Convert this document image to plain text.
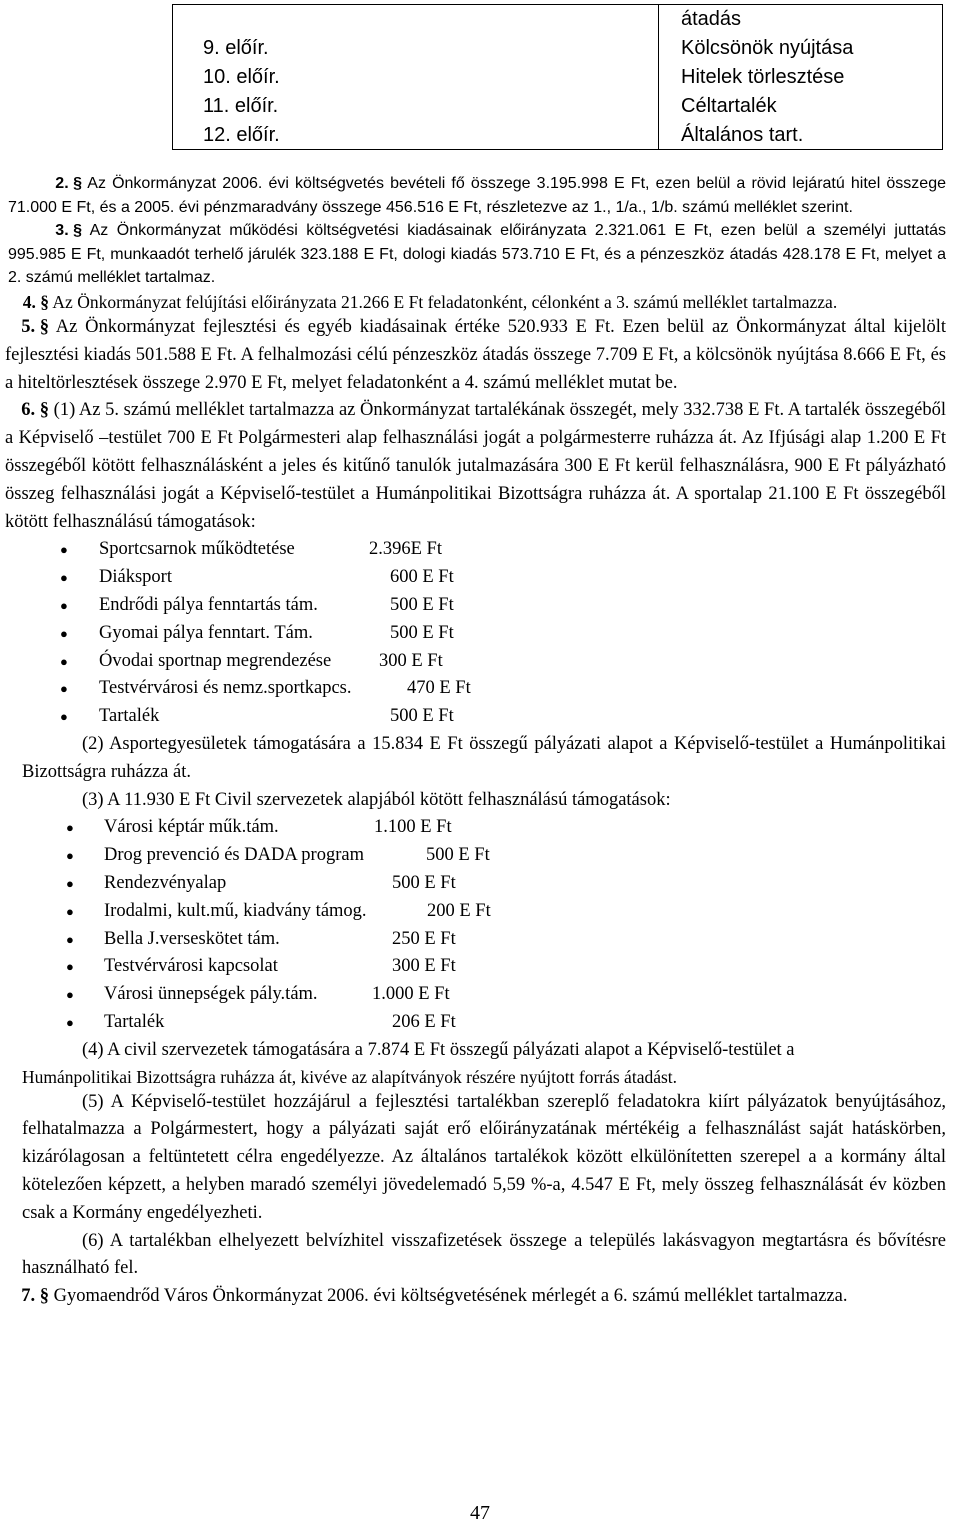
	átadás
9. előír.	Kölcsönök nyújtása
10. előír.	Hitelek törlesztése
11. előír.	Céltartalék
12. előír.	Általános tart.
2. § Az Önkormányzat 2006. évi költségvetés bevételi fő összege 3.195.998 E Ft, ezen belül a rövid lejáratú hitel összege 71.000 E Ft, és a 2005. évi pénzmaradvány összege 456.516 E Ft, részletezve az 1., 1/a., 1/b. számú melléklet szerint.
3. § Az Önkormányzat működési költségvetési kiadásainak előirányzata 2.321.061 E Ft, ezen belül a személyi juttatás 995.985 E Ft, munkaadót terhelő járulék 323.188 E Ft, dologi kiadás 573.710 E Ft, és a pénzeszköz átadás 428.178 E Ft, melyet a 2. számú melléklet tartalmaz.
4. § Az Önkormányzat felújítási előirányzata 21.266 E Ft feladatonként, célonként a 3. számú melléklet tartalmazza.
5. § Az Önkormányzat fejlesztési és egyéb kiadásainak értéke 520.933 E Ft. Ezen belül az Önkormányzat által kijelölt fejlesztési kiadás 501.588 E Ft. A felhalmozási célú pénzeszköz átadás összege 7.709 E Ft, a kölcsönök nyújtása 8.666 E Ft, és a hiteltörlesztések összege 2.970 E Ft, melyet feladatonként a 4. számú melléklet mutat be.
6. § (1) Az 5. számú melléklet tartalmazza az Önkormányzat tartalékának összegét, mely 332.738 E Ft. A tartalék összegéből a Képviselő –testület 700 E Ft Polgármesteri alap felhasználási jogát a polgármesterre ruházza át. Az Ifjúsági alap 1.200 E Ft összegéből kötött felhasználásként a jeles és kitűnő tanulók jutalmazására 300 E Ft kerül felhasználásra, 900 E Ft pályázható összeg felhasználási jogát a Képviselő-testület a Humánpolitikai Bizottságra ruházza át. A sportalap 21.100 E Ft összegéből kötött felhasználású támogatások:
● Sportcsarnok működtetése	2.396E Ft
● Diáksport	600 E Ft
● Endrődi pálya fenntartás tám.	500 E Ft
● Gyomai pálya fenntart. Tám.	500 E Ft
● Óvodai sportnap megrendezése	300 E Ft
● Testvérvárosi és nemz.sportkapcs.	470 E Ft
● Tartalék	500 E Ft
(2) Asportegyesületek támogatására a 15.834 E Ft összegű pályázati alapot a Képviselő-testület a Humánpolitikai Bizottságra ruházza át.
(3) A 11.930 E Ft Civil szervezetek alapjából kötött felhasználású támogatások:
● Városi képtár műk.tám.	1.100 E Ft
● Drog prevenció és DADA program	500 E Ft
● Rendezvényalap	500 E Ft
● Irodalmi, kult.mű, kiadvány támog.	200 E Ft
● Bella J.verseskötet tám.	250 E Ft
● Testvérvárosi kapcsolat	300 E Ft
● Városi ünnepségek pály.tám.	1.000 E Ft
● Tartalék	206 E Ft
(4) A civil szervezetek támogatására a 7.874 E Ft összegű pályázati alapot a Képviselő-testület a
Humánpolitikai Bizottságra ruházza át, kivéve az alapítványok részére nyújtott forrás átadást.
(5) A Képviselő-testület hozzájárul a fejlesztési tartalékban szereplő feladatokra kiírt pályázatok benyújtásához, felhatalmazza a Polgármestert, hogy a pályázati saját erő előirányzatának mértékéig a felhasználást saját hatáskörben, kizárólagosan a feltüntetett célra engedélyezze. Az általános tartalékok között elkülönítetten szerepel a a kormány által kötelezően képzett, a helyben maradó személyi jövedelemadó 5,59 %-a, 4.547 E Ft, mely összeg felhasználását év közben csak a Kormány engedélyezheti.
(6) A tartalékban elhelyezett belvízhitel visszafizetések összege a település lakásvagyon megtartásra és bővítésre használható fel.
7. § Gyomaendrőd Város Önkormányzat 2006. évi költségvetésének mérlegét a 6. számú melléklet tartalmazza.
47
